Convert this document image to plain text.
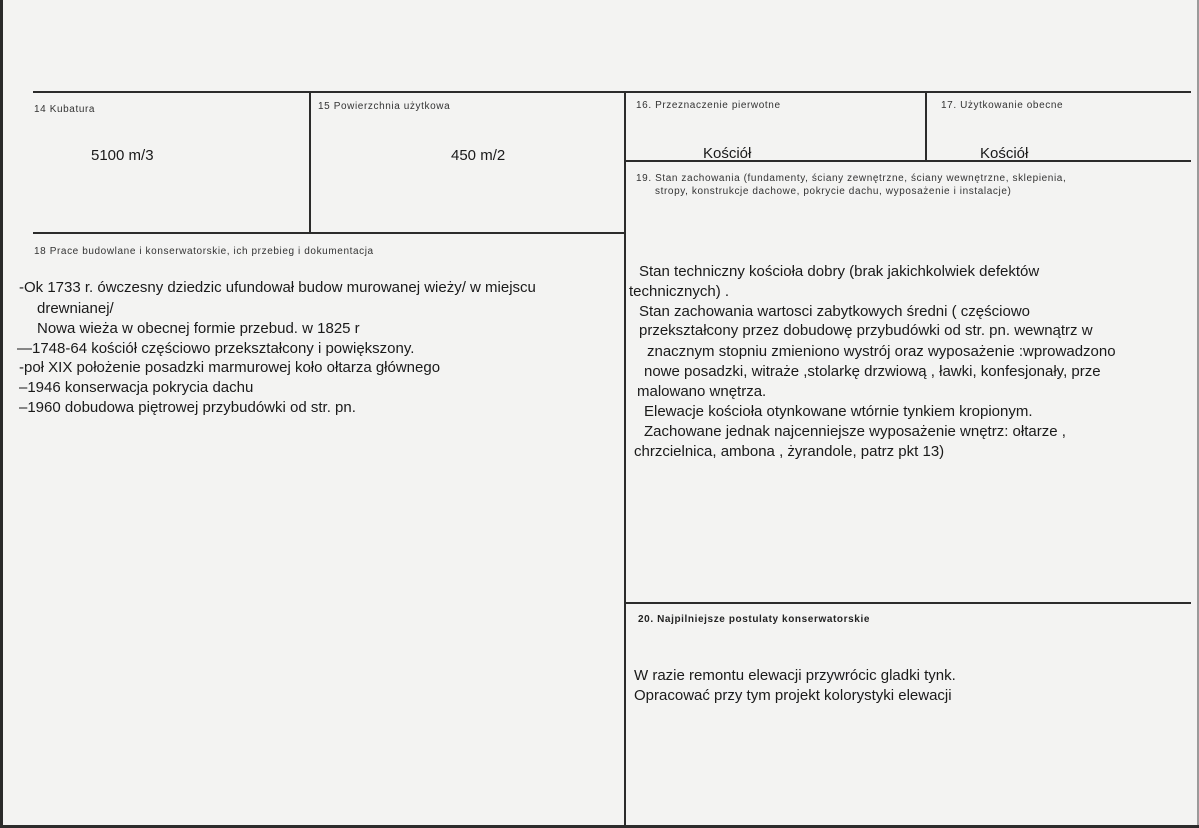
14 Kubatura
5100 m/3
15 Powierzchnia użytkowa
450 m/2
16. Przeznaczenie pierwotne
Kościół
17. Użytkowanie obecne
Kościół
18 Prace budowlane i konserwatorskie, ich przebieg i dokumentacja
-Ok 1733 r. ówczesny dziedzic ufundował budow murowanej wieży/ w miejscu
drewnianej/
Nowa wieża w obecnej formie przebud. w 1825 r
—1748-64 kościół częściowo przekształcony i powiększony.
-poł XIX położenie posadzki marmurowej koło ołtarza głównego
–1946 konserwacja pokrycia dachu
–1960 dobudowa piętrowej przybudówki od str. pn.
19. Stan zachowania (fundamenty, ściany zewnętrzne, ściany wewnętrzne, sklepienia,
stropy, konstrukcje dachowe, pokrycie dachu, wyposażenie i instalacje)
Stan techniczny kościoła dobry (brak jakichkolwiek defektów
technicznych) .
Stan zachowania wartosci zabytkowych średni ( częściowo
przekształcony przez dobudowę przybudówki od str. pn. wewnątrz w
znacznym stopniu zmieniono wystrój oraz wyposażenie :wprowadzono
nowe posadzki, witraże ,stolarkę drzwiową , ławki, konfesjonały, prze
malowano wnętrza.
Elewacje kościoła otynkowane wtórnie tynkiem kropionym.
Zachowane jednak najcenniejsze wyposażenie wnętrz: ołtarze ,
chrzcielnica, ambona , żyrandole, patrz pkt 13)
20. Najpilniejsze postulaty konserwatorskie
W razie remontu elewacji przywrócic gladki tynk.
Opracować przy tym projekt kolorystyki elewacji
